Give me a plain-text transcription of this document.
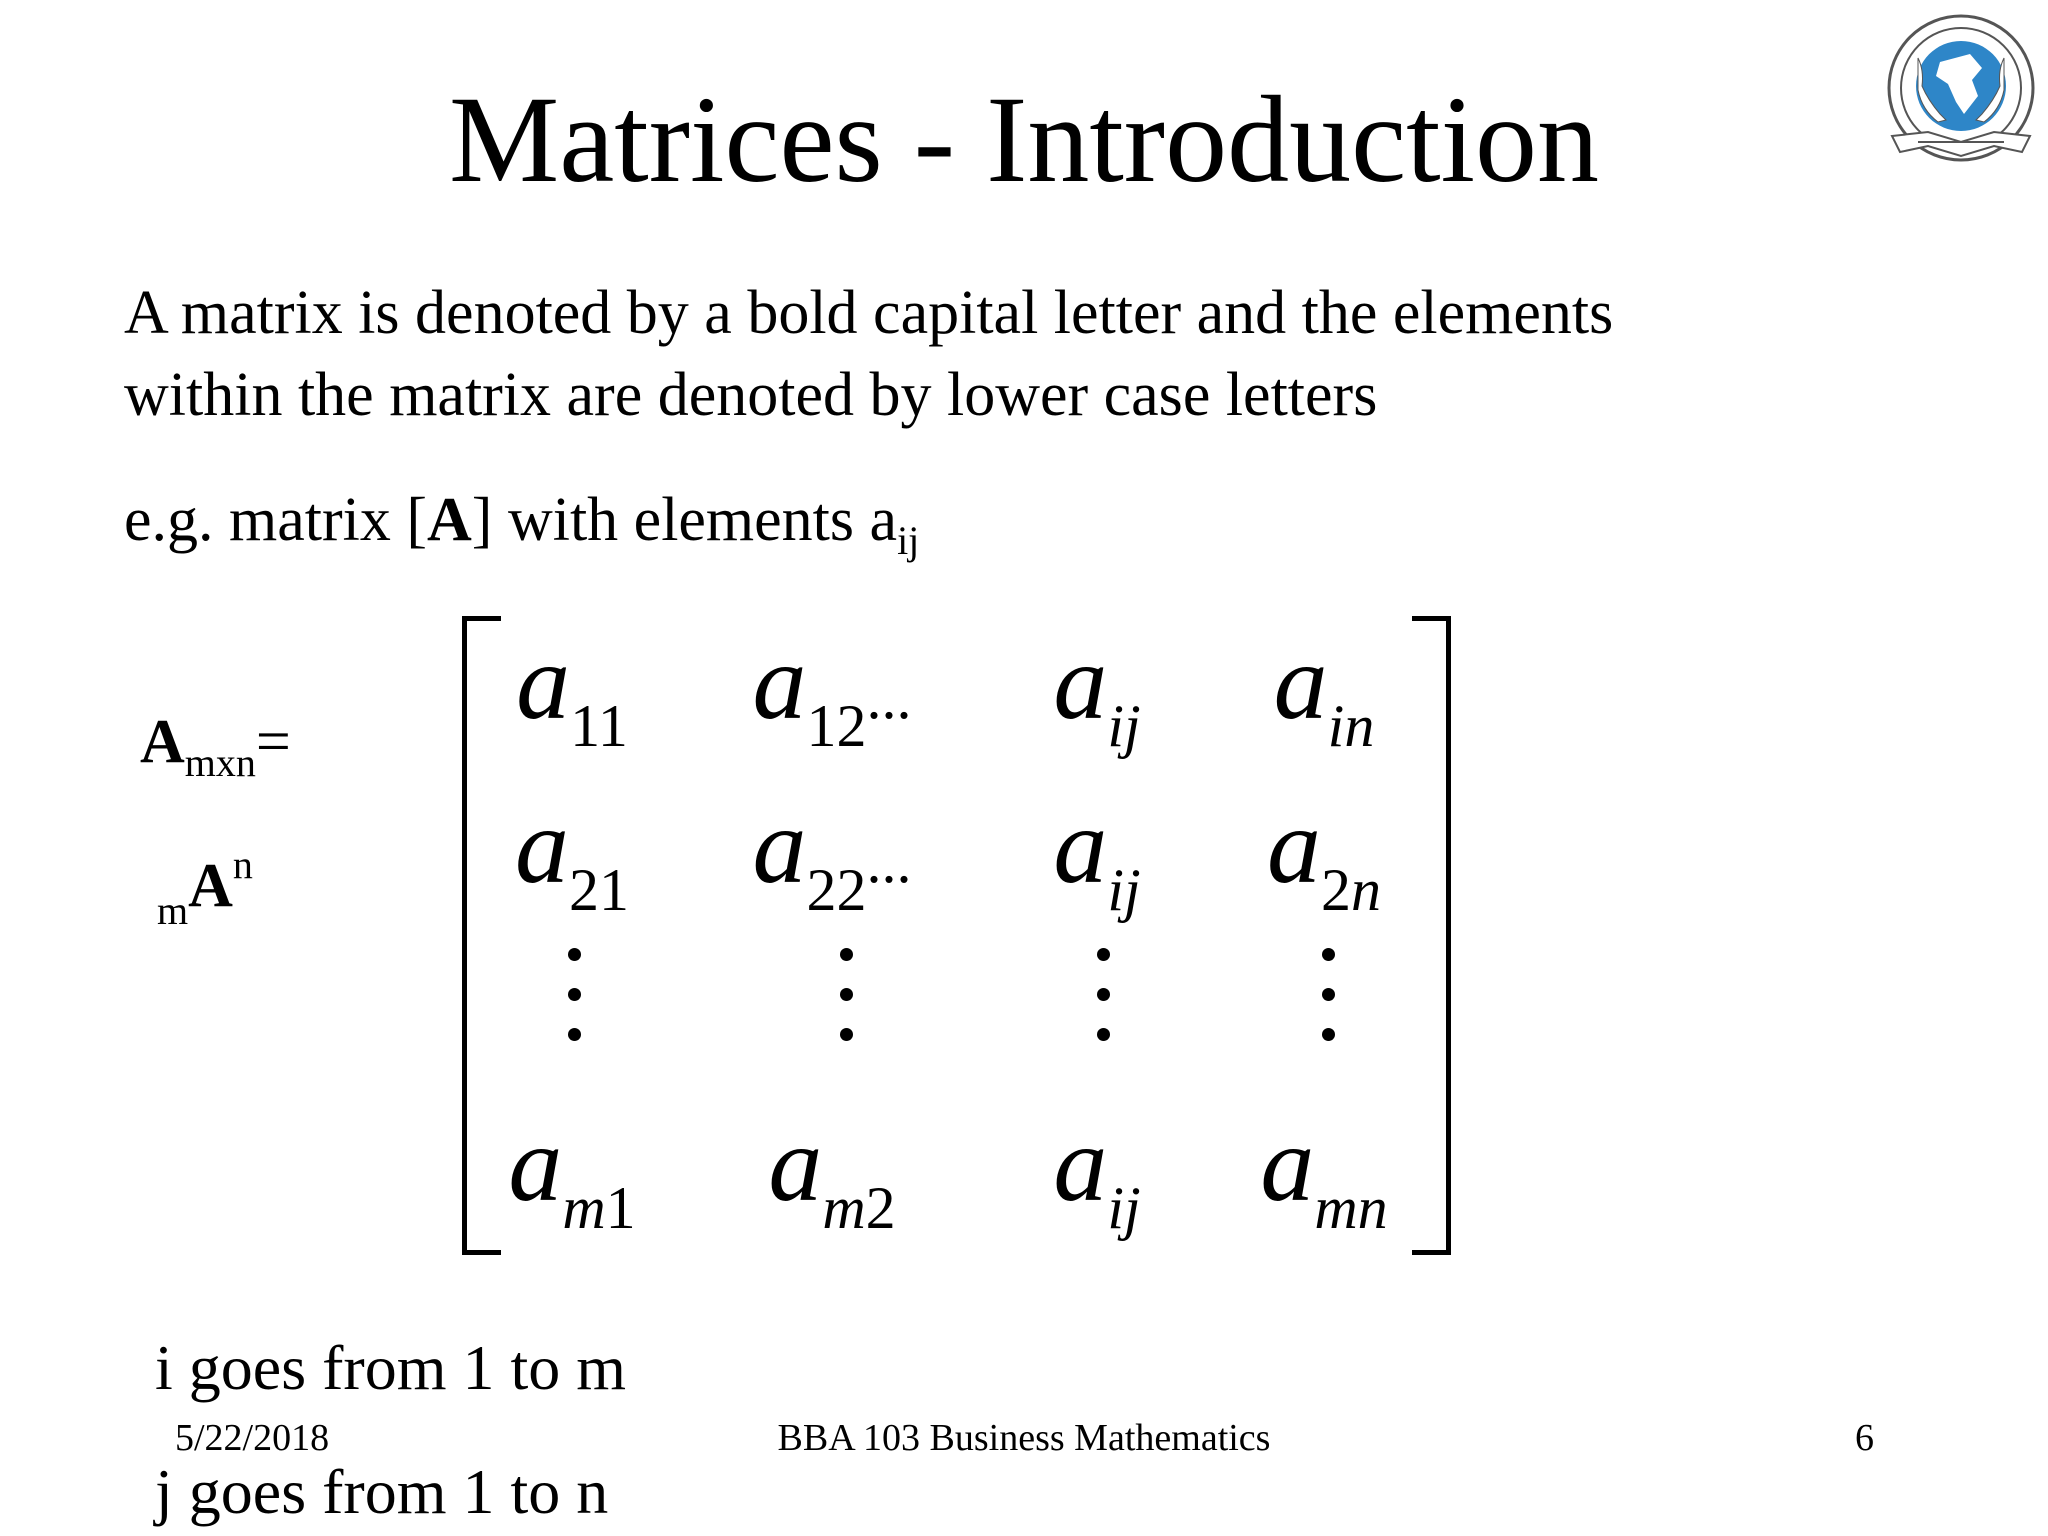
Matrices - Introduction
A matrix is denoted by a bold capital letter and the elements
within the matrix are denoted by lower case letters
e.g. matrix [A] with elements $a_{ij}$
$A_{mxn}=$
$_mA^n$
$a_{11}$	$a_{12}$...	$a_{ij}$	$a_{in}$
$a_{21}$	$a_{22}$...	$a_{ij}$	$a_{2n}$
$a_{m1}$	$a_{m2}$	$a_{ij}$	$a_{mn}$
i goes from 1 to m
5/22/2018	BBA 103 Business Mathematics	6
j goes from 1 to n
